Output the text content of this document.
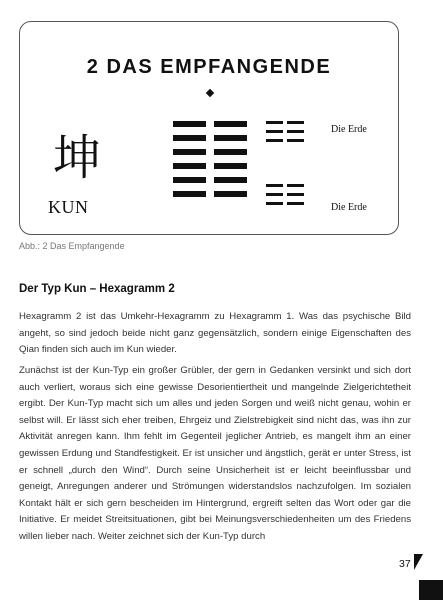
2 DAS EMPFANGENDE
坤
KUN
Die Erde
Die Erde
Abb.: 2 Das Empfangende
Der Typ Kun – Hexagramm 2

Hexagramm 2 ist das Umkehr-Hexagramm zu Hexagramm 1. Was das psychische Bild angeht, so sind jedoch beide nicht ganz gegensätzlich, sondern einige Eigenschaften des Qian finden sich auch im Kun wieder.

Zunächst ist der Kun-Typ ein großer Grübler, der gern in Gedanken versinkt und sich dort auch verliert, woraus sich eine gewisse Desorientiertheit und mangelnde Zielgerichtetheit ergibt. Der Kun-Typ macht sich um alles und jeden Sorgen und weiß nicht genau, wohin er selbst will. Er lässt sich eher treiben, Ehrgeiz und Zielstrebigkeit sind nicht das, was ihn zur Aktivität anregen kann. Ihm fehlt im Gegenteil jeglicher Antrieb, es mangelt ihm an einer gewissen Erdung und Standfestigkeit. Er ist unsicher und ängstlich, gerät er unter Stress, ist er schnell „durch den Wind“. Durch seine Unsicherheit ist er leicht beeinflussbar und geneigt, Anregungen anderer und Strömungen widerstandslos nachzufolgen. Im sozialen Kontakt hält er sich gern bescheiden im Hintergrund, ergreift selten das Wort oder gar die Initiative. Er meidet Streitsituationen, gibt bei Meinungsverschiedenheiten um des Friedens willen lieber nach. Weiter zeichnet sich der Kun-Typ durch

37
